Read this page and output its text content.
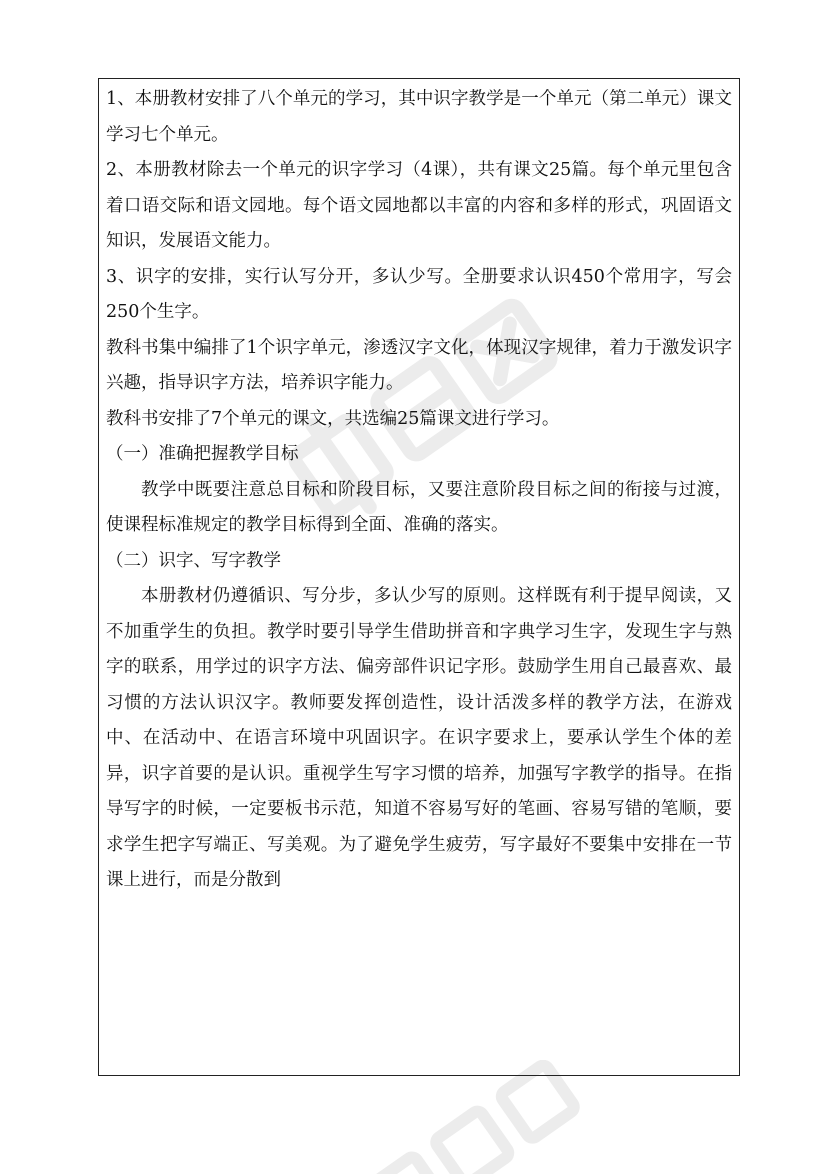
1、本册教材安排了八个单元的学习，其中识字教学是一个单元（第二单元）课文学习七个单元。

2、本册教材除去一个单元的识字学习（4课），共有课文25篇。每个单元里包含着口语交际和语文园地。每个语文园地都以丰富的内容和多样的形式，巩固语文知识，发展语文能力。

3、识字的安排，实行认写分开，多认少写。全册要求认识450个常用字，写会250个生字。

教科书集中编排了1个识字单元，渗透汉字文化，体现汉字规律，着力于激发识字兴趣，指导识字方法，培养识字能力。

教科书安排了7个单元的课文，共选编25篇课文进行学习。

（一）准确把握教学目标

教学中既要注意总目标和阶段目标，又要注意阶段目标之间的衔接与过渡，使课程标准规定的教学目标得到全面、准确的落实。

（二）识字、写字教学

本册教材仍遵循识、写分步，多认少写的原则。这样既有利于提早阅读，又不加重学生的负担。教学时要引导学生借助拼音和字典学习生字，发现生字与熟字的联系，用学过的识字方法、偏旁部件识记字形。鼓励学生用自己最喜欢、最习惯的方法认识汉字。教师要发挥创造性，设计活泼多样的教学方法，在游戏中、在活动中、在语言环境中巩固识字。在识字要求上，要承认学生个体的差异，识字首要的是认识。重视学生写字习惯的培养，加强写字教学的指导。在指导写字的时候，一定要板书示范，知道不容易写好的笔画、容易写错的笔顺，要求学生把字写端正、写美观。为了避免学生疲劳，写字最好不要集中安排在一节课上进行，而是分散到
